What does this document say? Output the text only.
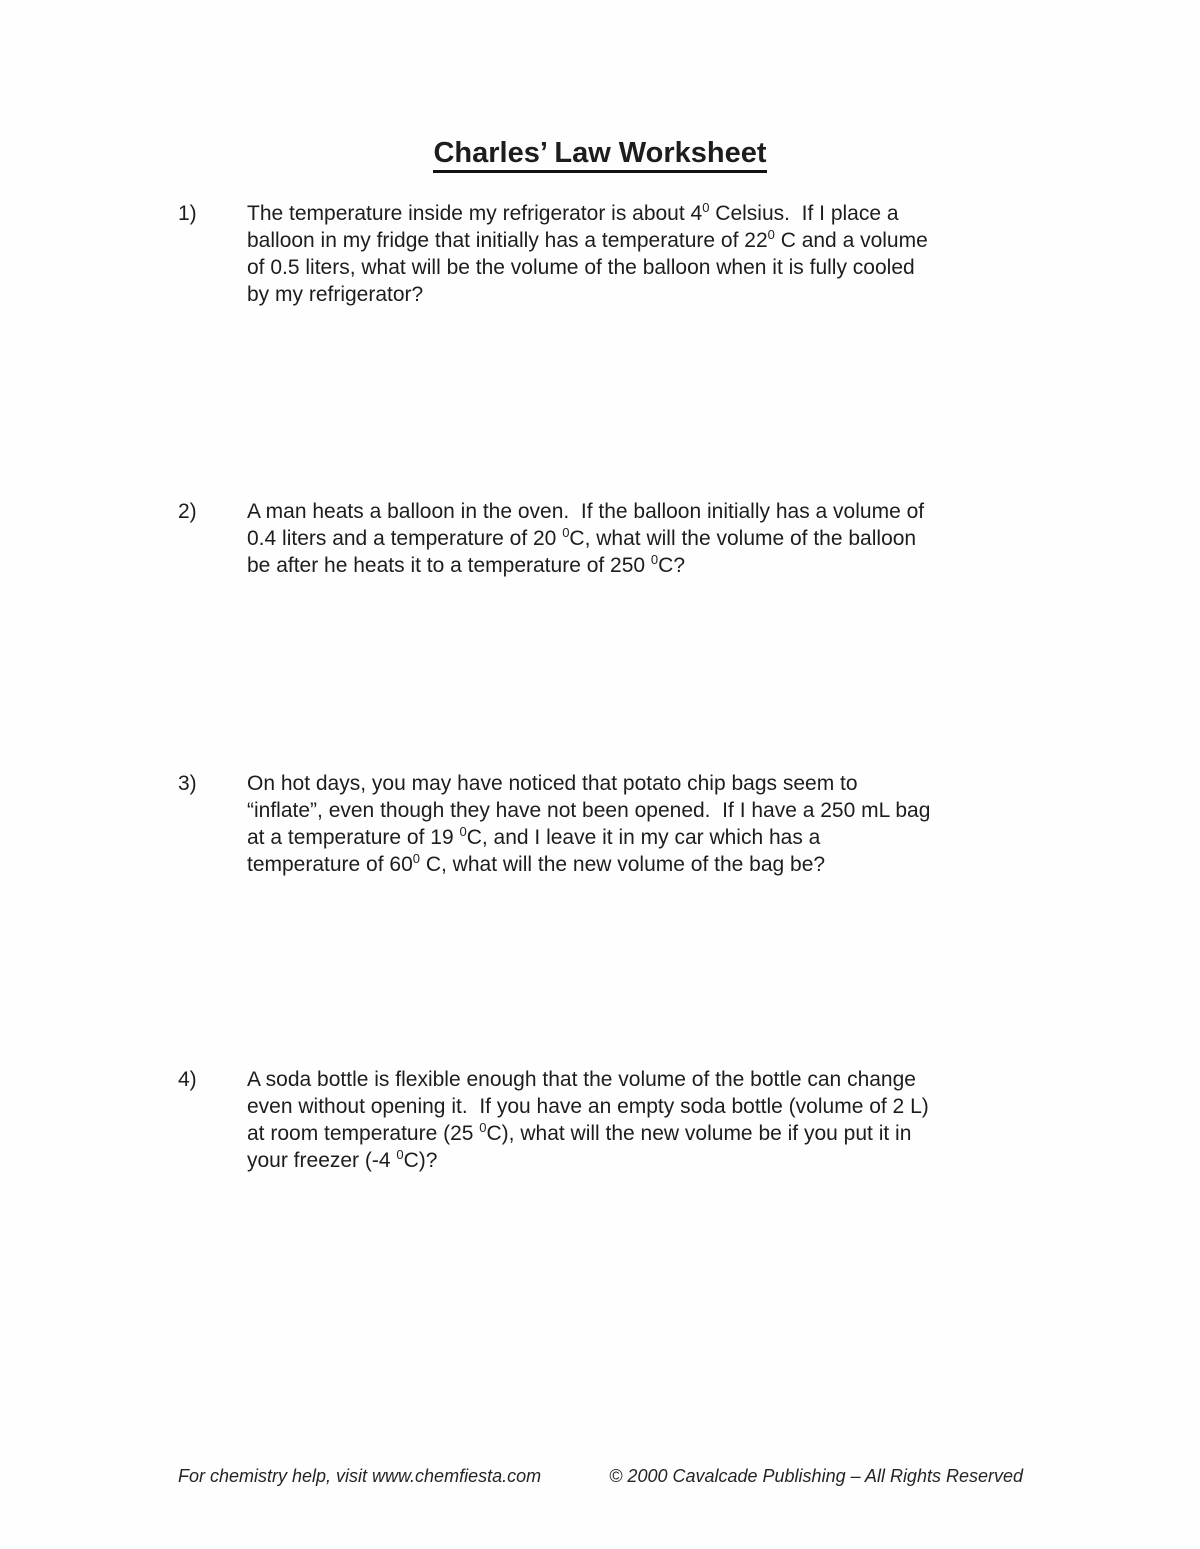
Charles’ Law Worksheet
1)	The temperature inside my refrigerator is about $4^0$ Celsius.  If I place a
balloon in my fridge that initially has a temperature of $22^0$ C and a volume
of 0.5 liters, what will be the volume of the balloon when it is fully cooled
by my refrigerator?
2)	A man heats a balloon in the oven.  If the balloon initially has a volume of
0.4 liters and a temperature of 20 $^0$C, what will the volume of the balloon
be after he heats it to a temperature of 250 $^0$C?
3)	On hot days, you may have noticed that potato chip bags seem to
“inflate”, even though they have not been opened.  If I have a 250 mL bag
at a temperature of 19 $^0$C, and I leave it in my car which has a
temperature of $60^0$ C, what will the new volume of the bag be?
4)	A soda bottle is flexible enough that the volume of the bottle can change
even without opening it.  If you have an empty soda bottle (volume of 2 L)
at room temperature (25 $^0$C), what will the new volume be if you put it in
your freezer (-4 $^0$C)?
For chemistry help, visit www.chemfiesta.com	© 2000 Cavalcade Publishing – All Rights Reserved
